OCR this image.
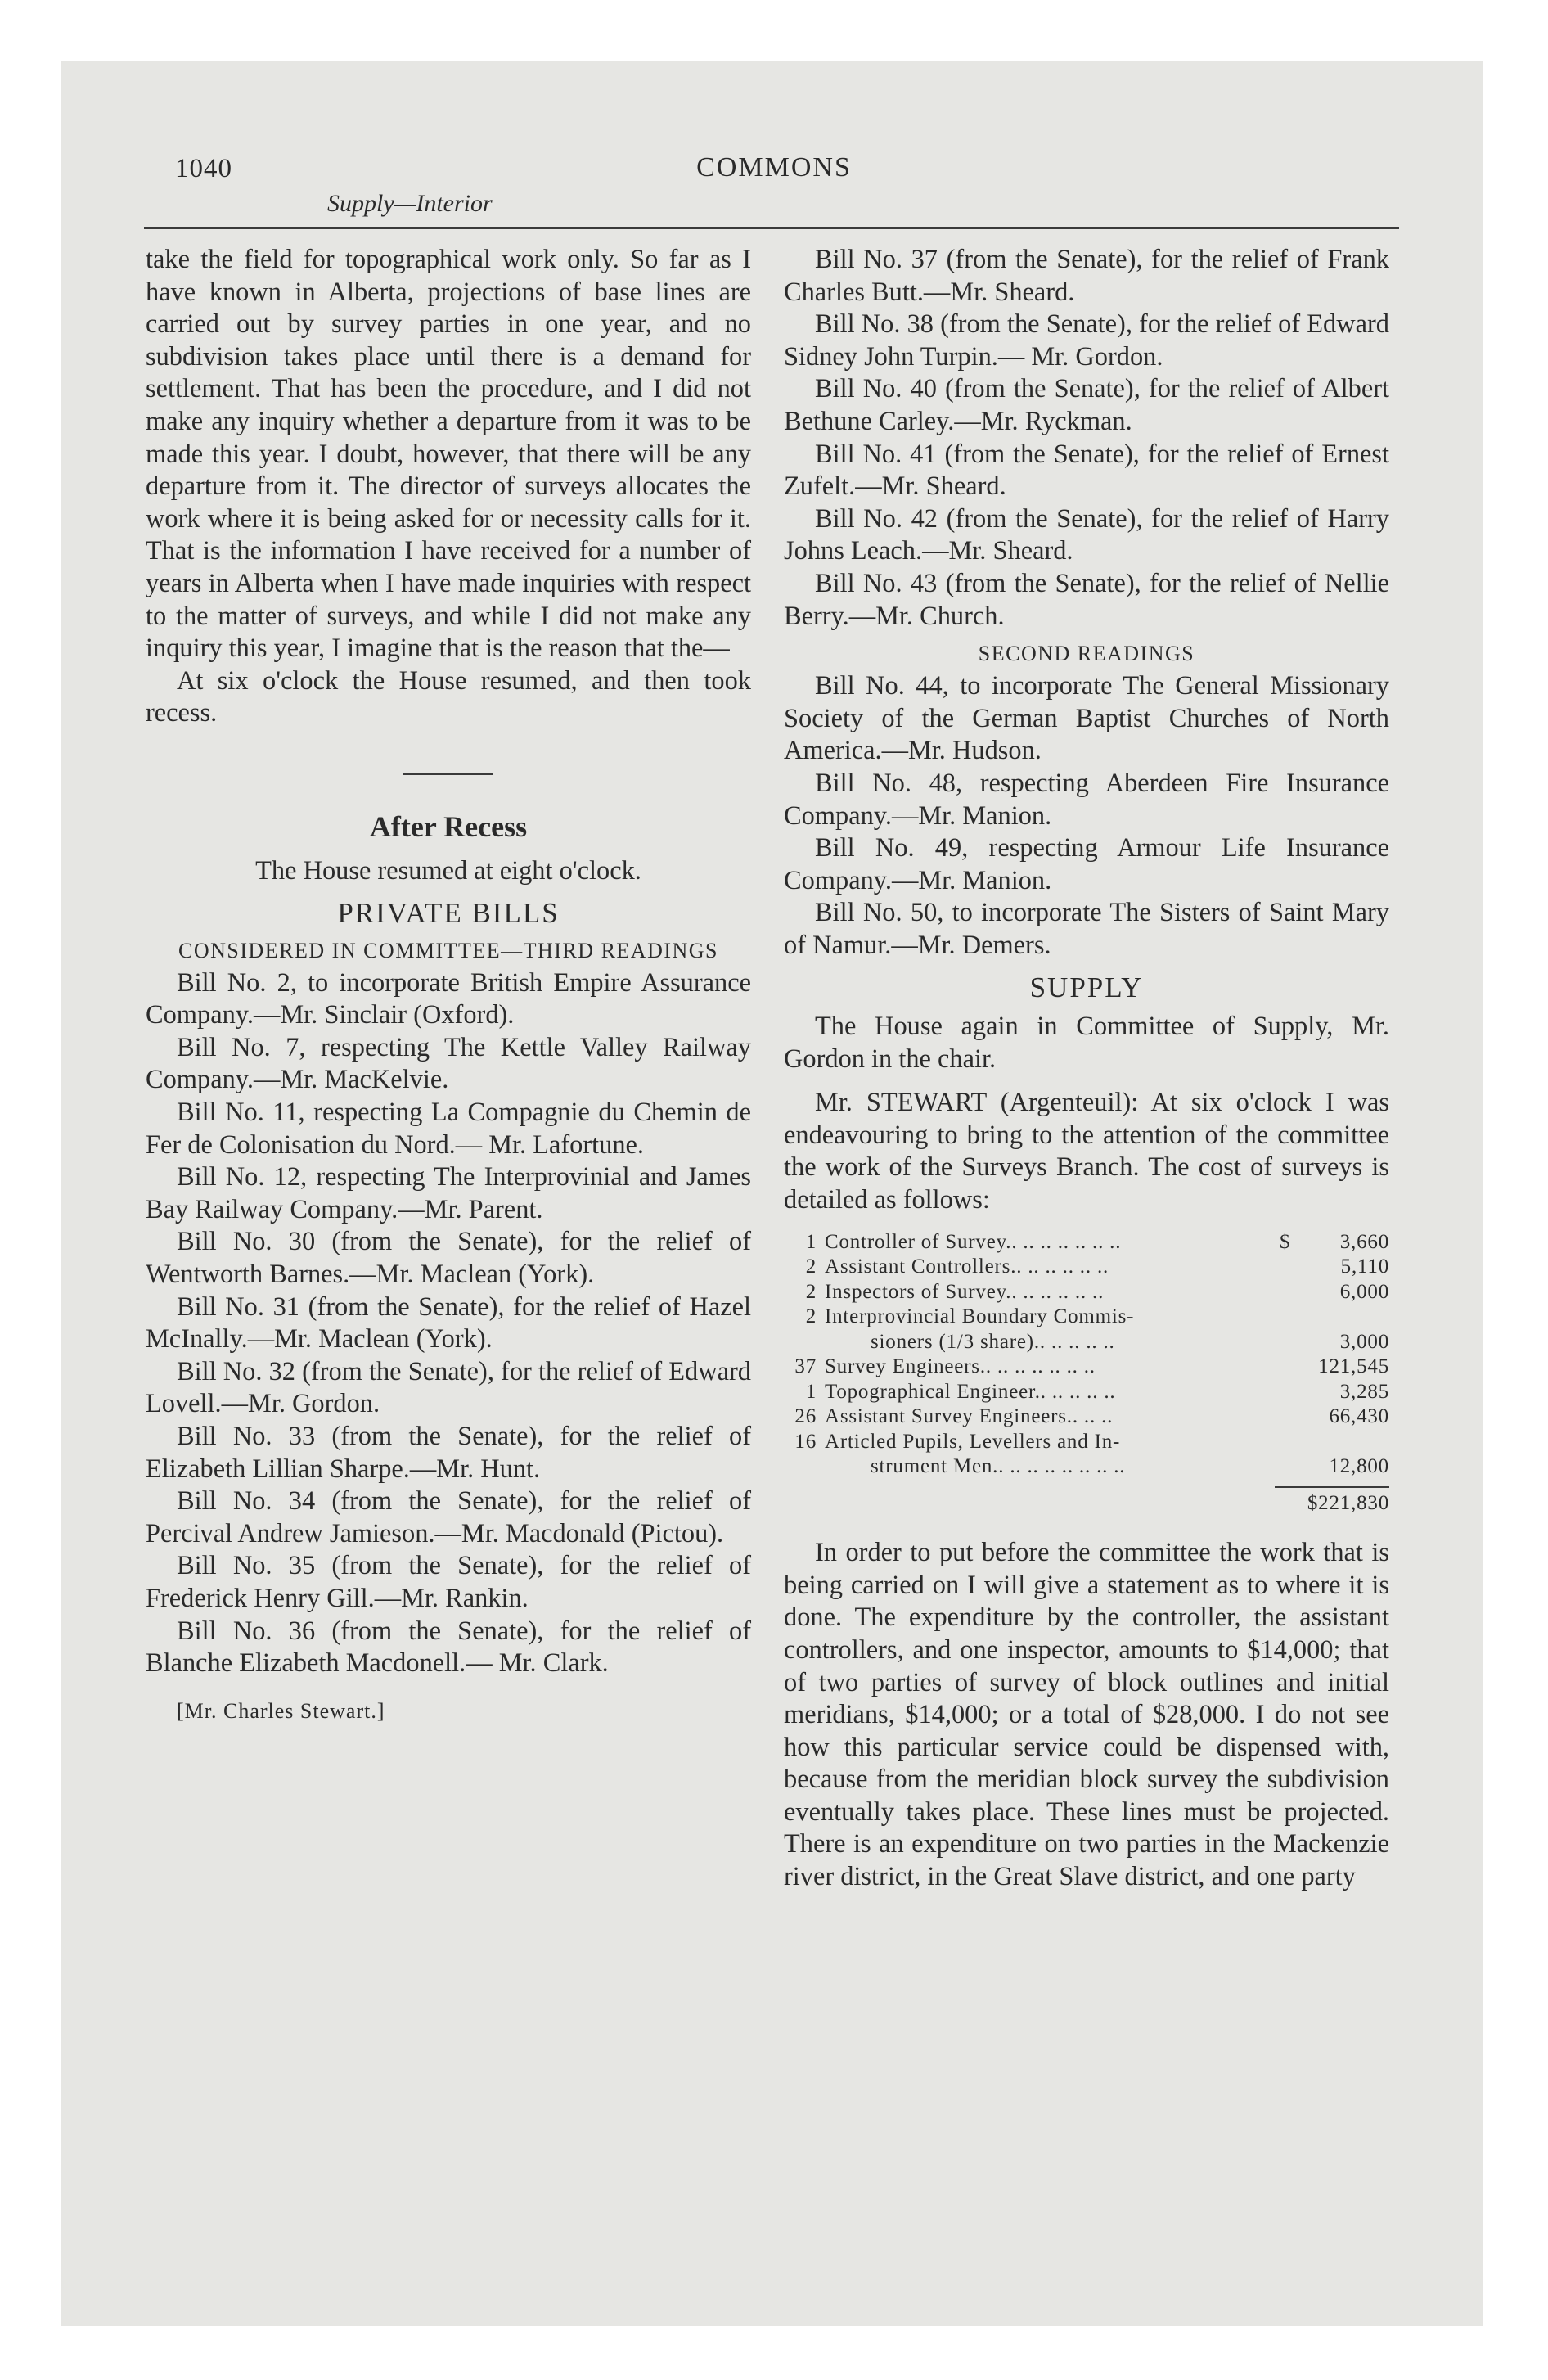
1040	COMMONS
Supply—Interior

take the field for topographical work only. So far as I have known in Alberta, projections of base lines are carried out by survey parties in one year, and no subdivision takes place until there is a demand for settlement. That has been the procedure, and I did not make any inquiry whether a departure from it was to be made this year. I doubt, however, that there will be any departure from it. The director of surveys allocates the work where it is being asked for or necessity calls for it. That is the information I have received for a number of years in Alberta when I have made inquiries with respect to the matter of surveys, and while I did not make any inquiry this year, I imagine that is the reason that the—

At six o'clock the House resumed, and then took recess.

After Recess

The House resumed at eight o'clock.

PRIVATE BILLS

CONSIDERED IN COMMITTEE—THIRD READINGS

Bill No. 2, to incorporate British Empire Assurance Company.—Mr. Sinclair (Oxford).

Bill No. 7, respecting The Kettle Valley Railway Company.—Mr. MacKelvie.

Bill No. 11, respecting La Compagnie du Chemin de Fer de Colonisation du Nord.— Mr. Lafortune.

Bill No. 12, respecting The Interprovinial and James Bay Railway Company.—Mr. Parent.

Bill No. 30 (from the Senate), for the relief of Wentworth Barnes.—Mr. Maclean (York).

Bill No. 31 (from the Senate), for the relief of Hazel McInally.—Mr. Maclean (York).

Bill No. 32 (from the Senate), for the relief of Edward Lovell.—Mr. Gordon.

Bill No. 33 (from the Senate), for the relief of Elizabeth Lillian Sharpe.—Mr. Hunt.

Bill No. 34 (from the Senate), for the relief of Percival Andrew Jamieson.—Mr. Macdonald (Pictou).

Bill No. 35 (from the Senate), for the relief of Frederick Henry Gill.—Mr. Rankin.

Bill No. 36 (from the Senate), for the relief of Blanche Elizabeth Macdonell.— Mr. Clark.

[Mr. Charles Stewart.]

Bill No. 37 (from the Senate), for the relief of Frank Charles Butt.—Mr. Sheard.

Bill No. 38 (from the Senate), for the relief of Edward Sidney John Turpin.— Mr. Gordon.

Bill No. 40 (from the Senate), for the relief of Albert Bethune Carley.—Mr. Ryckman.

Bill No. 41 (from the Senate), for the relief of Ernest Zufelt.—Mr. Sheard.

Bill No. 42 (from the Senate), for the relief of Harry Johns Leach.—Mr. Sheard.

Bill No. 43 (from the Senate), for the relief of Nellie Berry.—Mr. Church.

SECOND READINGS

Bill No. 44, to incorporate The General Missionary Society of the German Baptist Churches of North America.—Mr. Hudson.

Bill No. 48, respecting Aberdeen Fire Insurance Company.—Mr. Manion.

Bill No. 49, respecting Armour Life Insurance Company.—Mr. Manion.

Bill No. 50, to incorporate The Sisters of Saint Mary of Namur.—Mr. Demers.

SUPPLY

The House again in Committee of Supply, Mr. Gordon in the chair.

Mr. STEWART (Argenteuil): At six o'clock I was endeavouring to bring to the attention of the committee the work of the Surveys Branch. The cost of surveys is detailed as follows:

1 Controller of Survey.. .. .. .. .. .. ..	$	3,660
2 Assistant Controllers.. .. .. .. .. ..	5,110
2 Inspectors of Survey.. .. .. .. .. ..	6,000
2 Interprovincial Boundary Commis-
sioners (1/3 share).. .. .. .. ..	3,000
37 Survey Engineers.. .. .. .. .. .. ..	121,545
1 Topographical Engineer.. .. .. .. ..	3,285
26 Assistant Survey Engineers.. .. ..	66,430
16 Articled Pupils, Levellers and In-
strument Men.. .. .. .. .. .. .. ..	12,800
$221,830

In order to put before the committee the work that is being carried on I will give a statement as to where it is done. The expenditure by the controller, the assistant controllers, and one inspector, amounts to $14,000; that of two parties of survey of block outlines and initial meridians, $14,000; or a total of $28,000. I do not see how this particular service could be dispensed with, because from the meridian block survey the subdivision eventually takes place. These lines must be projected. There is an expenditure on two parties in the Mackenzie river district, in the Great Slave district, and one party
